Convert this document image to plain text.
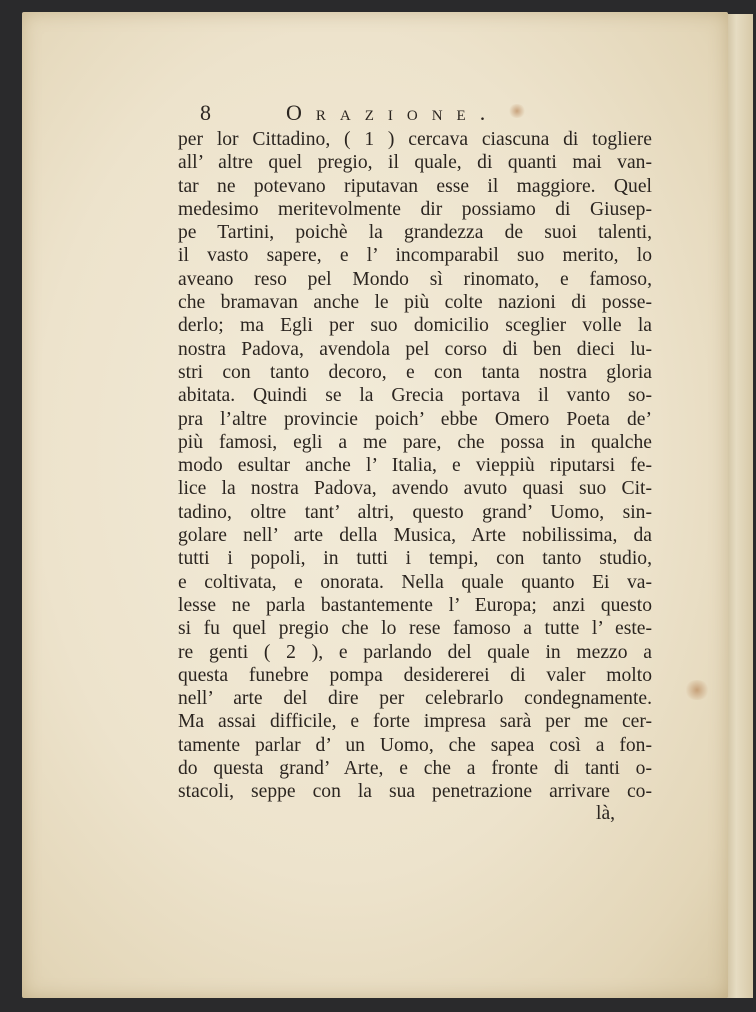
8	Orazione.
per lor Cittadino, ( 1 ) cercava ciascuna di togliere
all’ altre quel pregio, il quale, di quanti mai van-
tar ne potevano riputavan esse il maggiore. Quel
medesimo meritevolmente dir possiamo di Giusep-
pe Tartini, poichè la grandezza de suoi talenti,
il vasto sapere, e l’ incomparabil suo merito, lo
aveano reso pel Mondo sì rinomato, e famoso,
che bramavan anche le più colte nazioni di posse-
derlo; ma Egli per suo domicilio sceglier volle la
nostra Padova, avendola pel corso di ben dieci lu-
stri con tanto decoro, e con tanta nostra gloria
abitata. Quindi se la Grecia portava il vanto so-
pra l’altre provincie poich’ ebbe Omero Poeta de’
più famosi, egli a me pare, che possa in qualche
modo esultar anche l’ Italia, e vieppiù riputarsi fe-
lice la nostra Padova, avendo avuto quasi suo Cit-
tadino, oltre tant’ altri, questo grand’ Uomo, sin-
golare nell’ arte della Musica, Arte nobilissima, da
tutti i popoli, in tutti i tempi, con tanto studio,
e coltivata, e onorata. Nella quale quanto Ei va-
lesse ne parla bastantemente l’ Europa; anzi questo
si fu quel pregio che lo rese famoso a tutte l’ este-
re genti ( 2 ), e parlando del quale in mezzo a
questa funebre pompa desidererei di valer molto
nell’ arte del dire per celebrarlo condegnamente.
Ma assai difficile, e forte impresa sarà per me cer-
tamente parlar d’ un Uomo, che sapea così a fon-
do questa grand’ Arte, e che a fronte di tanti o-
stacoli, seppe con la sua penetrazione arrivare co-
là,
